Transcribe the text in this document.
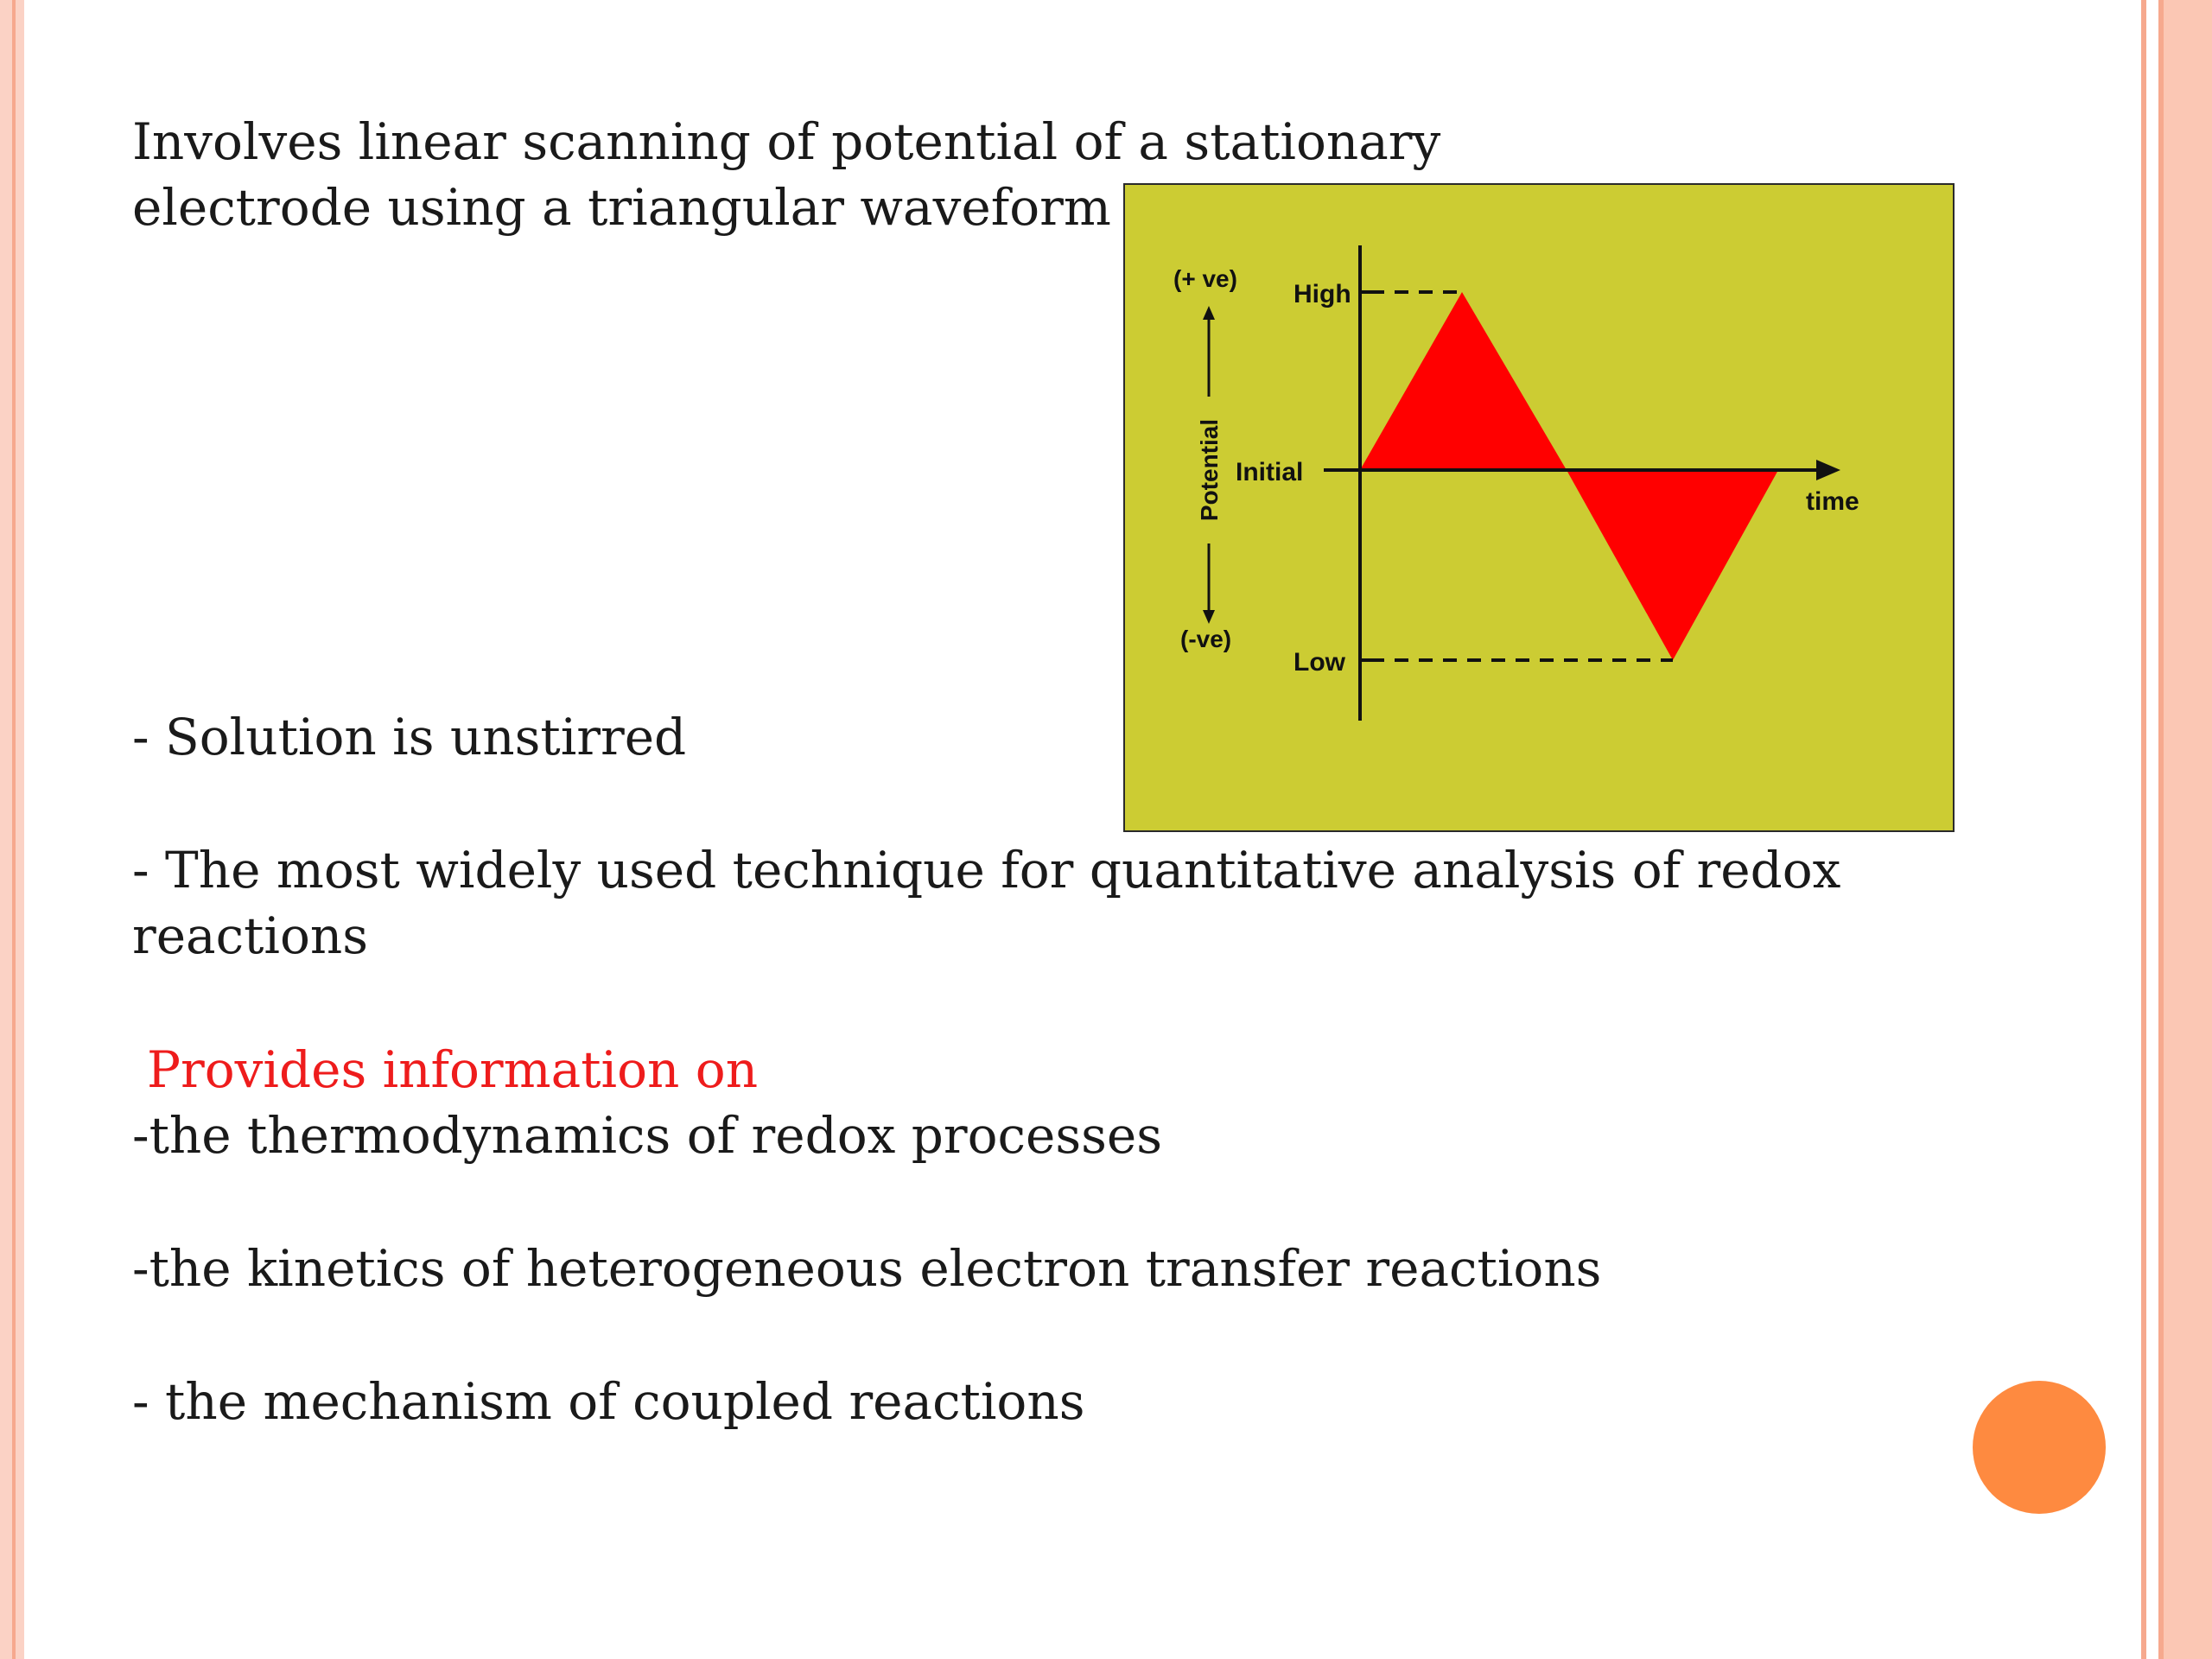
Involves linear scanning of potential of a stationary
electrode using a triangular waveform
High
Initial
Low
time
(+ ve)
(-ve)
Potential
- Solution is unstirred
- The most widely used technique for quantitative analysis of redox
reactions
Provides information on
-the thermodynamics of redox processes
-the kinetics of heterogeneous electron transfer reactions
- the mechanism of coupled reactions
